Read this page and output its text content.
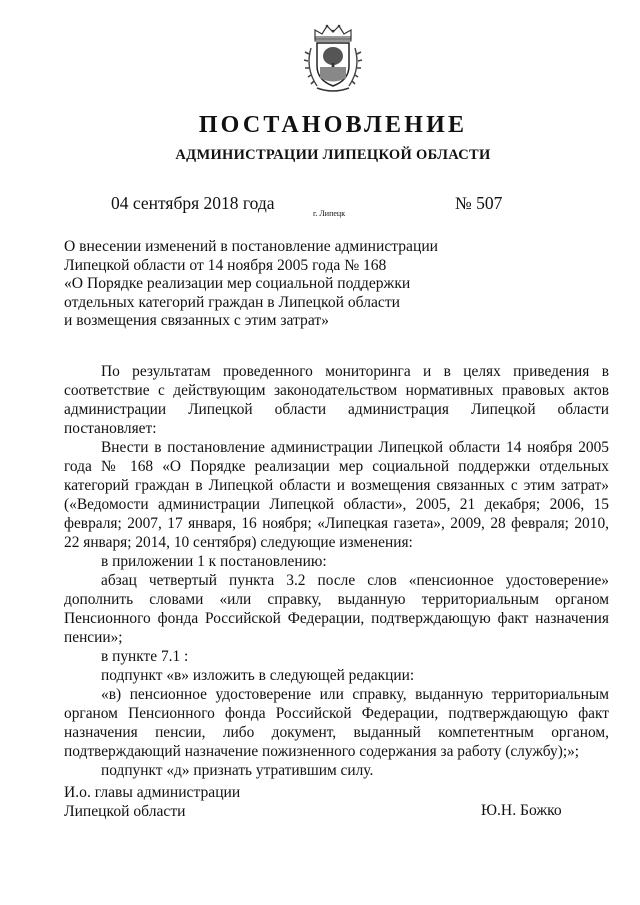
ПОСТАНОВЛЕНИЕ
АДМИНИСТРАЦИИ ЛИПЕЦКОЙ ОБЛАСТИ
04 сентября 2018 года
г. Липецк
№ 507
О внесении изменений в постановление администрации
Липецкой области от 14 ноября 2005 года № 168
«О Порядке реализации мер социальной поддержки
отдельных категорий граждан в Липецкой области
и возмещения связанных с этим затрат»

По результатам проведенного мониторинга и в целях приведения в соответствие с действующим законодательством нормативных правовых актов администрации Липецкой области администрация Липецкой области постановляет:

Внести в постановление администрации Липецкой области 14 ноября 2005 года № 168 «О Порядке реализации мер социальной поддержки отдельных категорий граждан в Липецкой области и возмещения связанных с этим затрат» («Ведомости администрации Липецкой области», 2005, 21 декабря; 2006, 15 февраля; 2007, 17 января, 16 ноября; «Липецкая газета», 2009, 28 февраля; 2010, 22 января; 2014, 10 сентября) следующие изменения:

в приложении 1 к постановлению:

абзац четвертый пункта 3.2 после слов «пенсионное удостоверение» дополнить словами «или справку, выданную территориальным органом Пенсионного фонда Российской Федерации, подтверждающую факт назначения пенсии»;

в пункте 7.1 :

подпункт «в» изложить в следующей редакции:

«в) пенсионное удостоверение или справку, выданную территориальным органом Пенсионного фонда Российской Федерации, подтверждающую факт назначения пенсии, либо документ, выданный компетентным органом, подтверждающий назначение пожизненного содержания за работу (службу);»;

подпункт «д» признать утратившим силу.

И.о. главы администрации
Липецкой области	Ю.Н. Божко
